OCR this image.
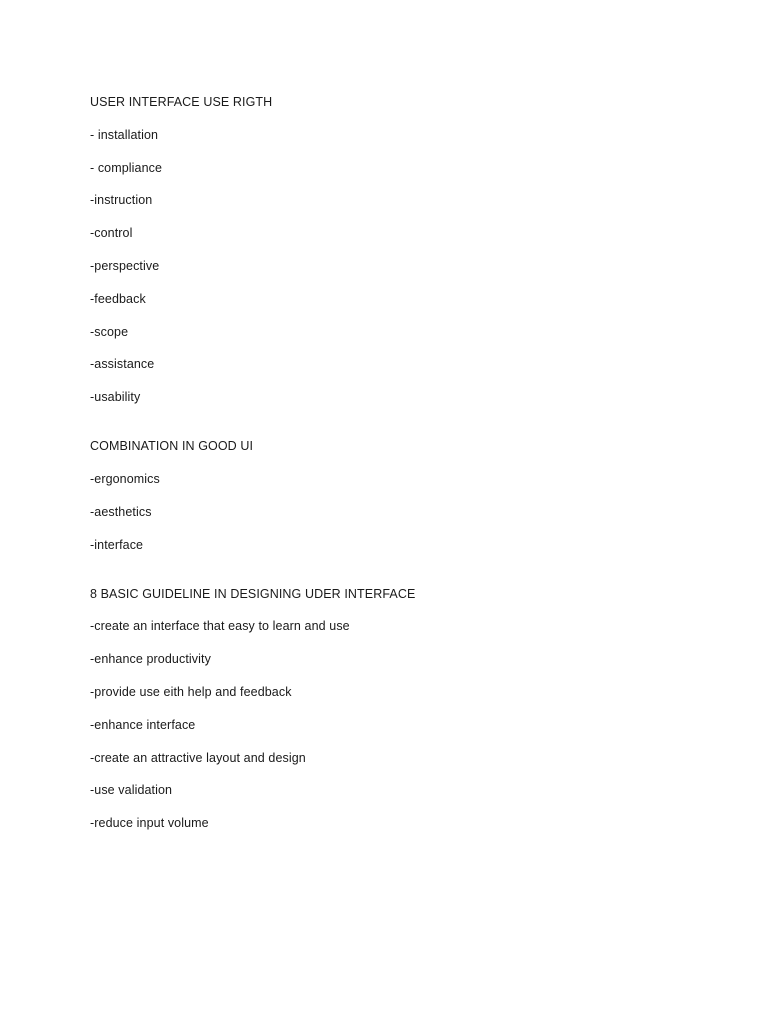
USER INTERFACE USE RIGTH
- installation
- compliance
-instruction
-control
-perspective
-feedback
-scope
-assistance
-usability
COMBINATION IN GOOD UI
-ergonomics
-aesthetics
-interface
8 BASIC GUIDELINE IN DESIGNING UDER INTERFACE
-create an interface that easy to learn and use
-enhance productivity
-provide use eith help and feedback
-enhance interface
-create an attractive layout and design
-use validation
-reduce input volume
